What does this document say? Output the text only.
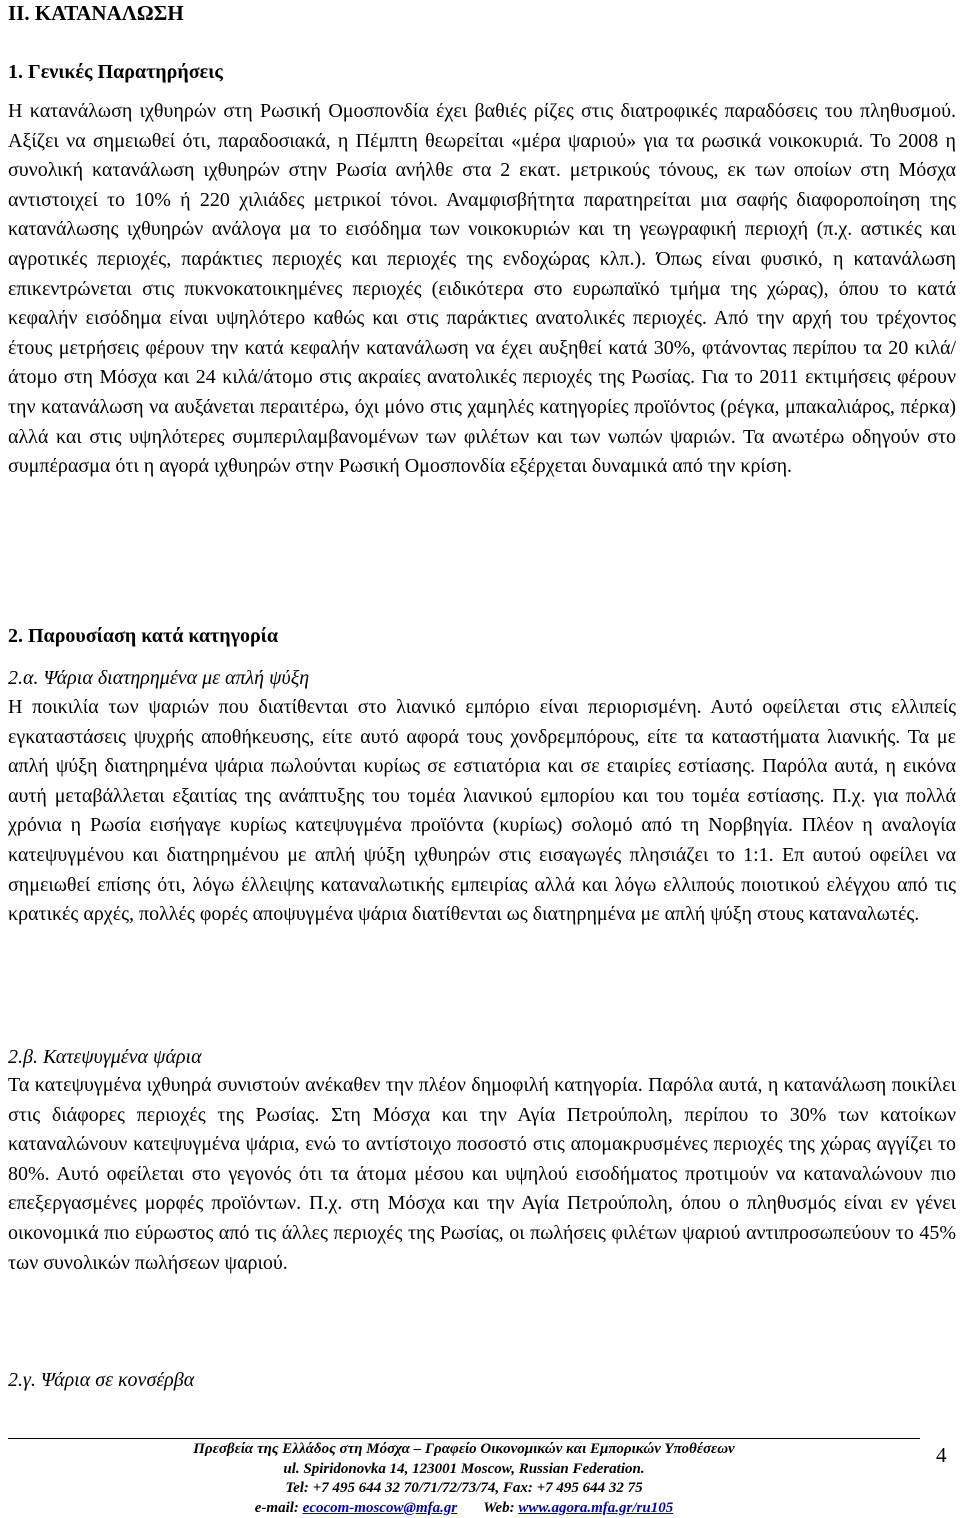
ΙΙ. ΚΑΤΑΝΑΛΩΣΗ
1. Γενικές Παρατηρήσεις

Η κατανάλωση ιχθυηρών στη Ρωσική Ομοσπονδία έχει βαθιές ρίζες στις διατροφικές παραδόσεις του πληθυσμού. Αξίζει να σημειωθεί ότι, παραδοσιακά, η Πέμπτη θεωρείται «μέρα ψαριού» για τα ρωσικά νοικοκυριά. Το 2008 η συνολική κατανάλωση ιχθυηρών στην Ρωσία ανήλθε στα 2 εκατ. μετρικούς τόνους, εκ των οποίων στη Μόσχα αντιστοιχεί το 10% ή 220 χιλιάδες μετρικοί τόνοι. Αναμφισβήτητα παρατηρείται μια σαφής διαφοροποίηση της κατανάλωσης ιχθυηρών ανάλογα μα το εισόδημα των νοικοκυριών και τη γεωγραφική περιοχή (π.χ. αστικές και αγροτικές περιοχές, παράκτιες περιοχές και περιοχές της ενδοχώρας κλπ.). Όπως είναι φυσικό, η κατανάλωση επικεντρώνεται στις πυκνοκατοικημένες περιοχές (ειδικότερα στο ευρωπαϊκό τμήμα της χώρας), όπου το κατά κεφαλήν εισόδημα είναι υψηλότερο καθώς και στις παράκτιες ανατολικές περιοχές. Από την αρχή του τρέχοντος έτους μετρήσεις φέρουν την κατά κεφαλήν κατανάλωση να έχει αυξηθεί κατά 30%, φτάνοντας περίπου τα 20 κιλά/άτομο στη Μόσχα και 24 κιλά/άτομο στις ακραίες ανατολικές περιοχές της Ρωσίας. Για το 2011 εκτιμήσεις φέρουν την κατανάλωση να αυξάνεται περαιτέρω, όχι μόνο στις χαμηλές κατηγορίες προϊόντος (ρέγκα, μπακαλιάρος, πέρκα) αλλά και στις υψηλότερες συμπεριλαμβανομένων των φιλέτων και των νωπών ψαριών. Τα ανωτέρω οδηγούν στο συμπέρασμα ότι η αγορά ιχθυηρών στην Ρωσική Ομοσπονδία εξέρχεται δυναμικά από την κρίση.

2. Παρουσίαση κατά κατηγορία

2.α. Ψάρια διατηρημένα με απλή ψύξη

Η ποικιλία των ψαριών που διατίθενται στο λιανικό εμπόριο είναι περιορισμένη. Αυτό οφείλεται στις ελλιπείς εγκαταστάσεις ψυχρής αποθήκευσης, είτε αυτό αφορά τους χονδρεμπόρους, είτε τα καταστήματα λιανικής. Τα με απλή ψύξη διατηρημένα ψάρια πωλούνται κυρίως σε εστιατόρια και σε εταιρίες εστίασης. Παρόλα αυτά, η εικόνα αυτή μεταβάλλεται εξαιτίας της ανάπτυξης του τομέα λιανικού εμπορίου και του τομέα εστίασης. Π.χ. για πολλά χρόνια η Ρωσία εισήγαγε κυρίως κατεψυγμένα προϊόντα (κυρίως) σολομό από τη Νορβηγία. Πλέον η αναλογία κατεψυγμένου και διατηρημένου με απλή ψύξη ιχθυηρών στις εισαγωγές πλησιάζει το 1:1. Επ αυτού οφείλει να σημειωθεί επίσης ότι, λόγω έλλειψης καταναλωτικής εμπειρίας αλλά και λόγω ελλιπούς ποιοτικού ελέγχου από τις κρατικές αρχές, πολλές φορές αποψυγμένα ψάρια διατίθενται ως διατηρημένα με απλή ψύξη στους καταναλωτές.

2.β. Κατεψυγμένα ψάρια

Τα κατεψυγμένα ιχθυηρά συνιστούν ανέκαθεν την πλέον δημοφιλή κατηγορία. Παρόλα αυτά, η κατανάλωση ποικίλει στις διάφορες περιοχές της Ρωσίας. Στη Μόσχα και την Αγία Πετρούπολη, περίπου το 30% των κατοίκων καταναλώνουν κατεψυγμένα ψάρια, ενώ το αντίστοιχο ποσοστό στις απομακρυσμένες περιοχές της χώρας αγγίζει το 80%. Αυτό οφείλεται στο γεγονός ότι τα άτομα μέσου και υψηλού εισοδήματος προτιμούν να καταναλώνουν πιο επεξεργασμένες μορφές προϊόντων. Π.χ. στη Μόσχα και την Αγία Πετρούπολη, όπου ο πληθυσμός είναι εν γένει οικονομικά πιο εύρωστος από τις άλλες περιοχές της Ρωσίας, οι πωλήσεις φιλέτων ψαριού αντιπροσωπεύουν το 45% των συνολικών πωλήσεων ψαριού.

2.γ. Ψάρια σε κονσέρβα

4
Πρεσβεία της Ελλάδος στη Μόσχα – Γραφείο Οικονομικών και Εμπορικών Υποθέσεων
ul. Spiridonovka 14, 123001 Moscow, Russian Federation.
Tel: +7 495 644 32 70/71/72/73/74, Fax: +7 495 644 32 75
e-mail: ecocom-moscow@mfa.gr Web: www.agora.mfa.gr/ru105
